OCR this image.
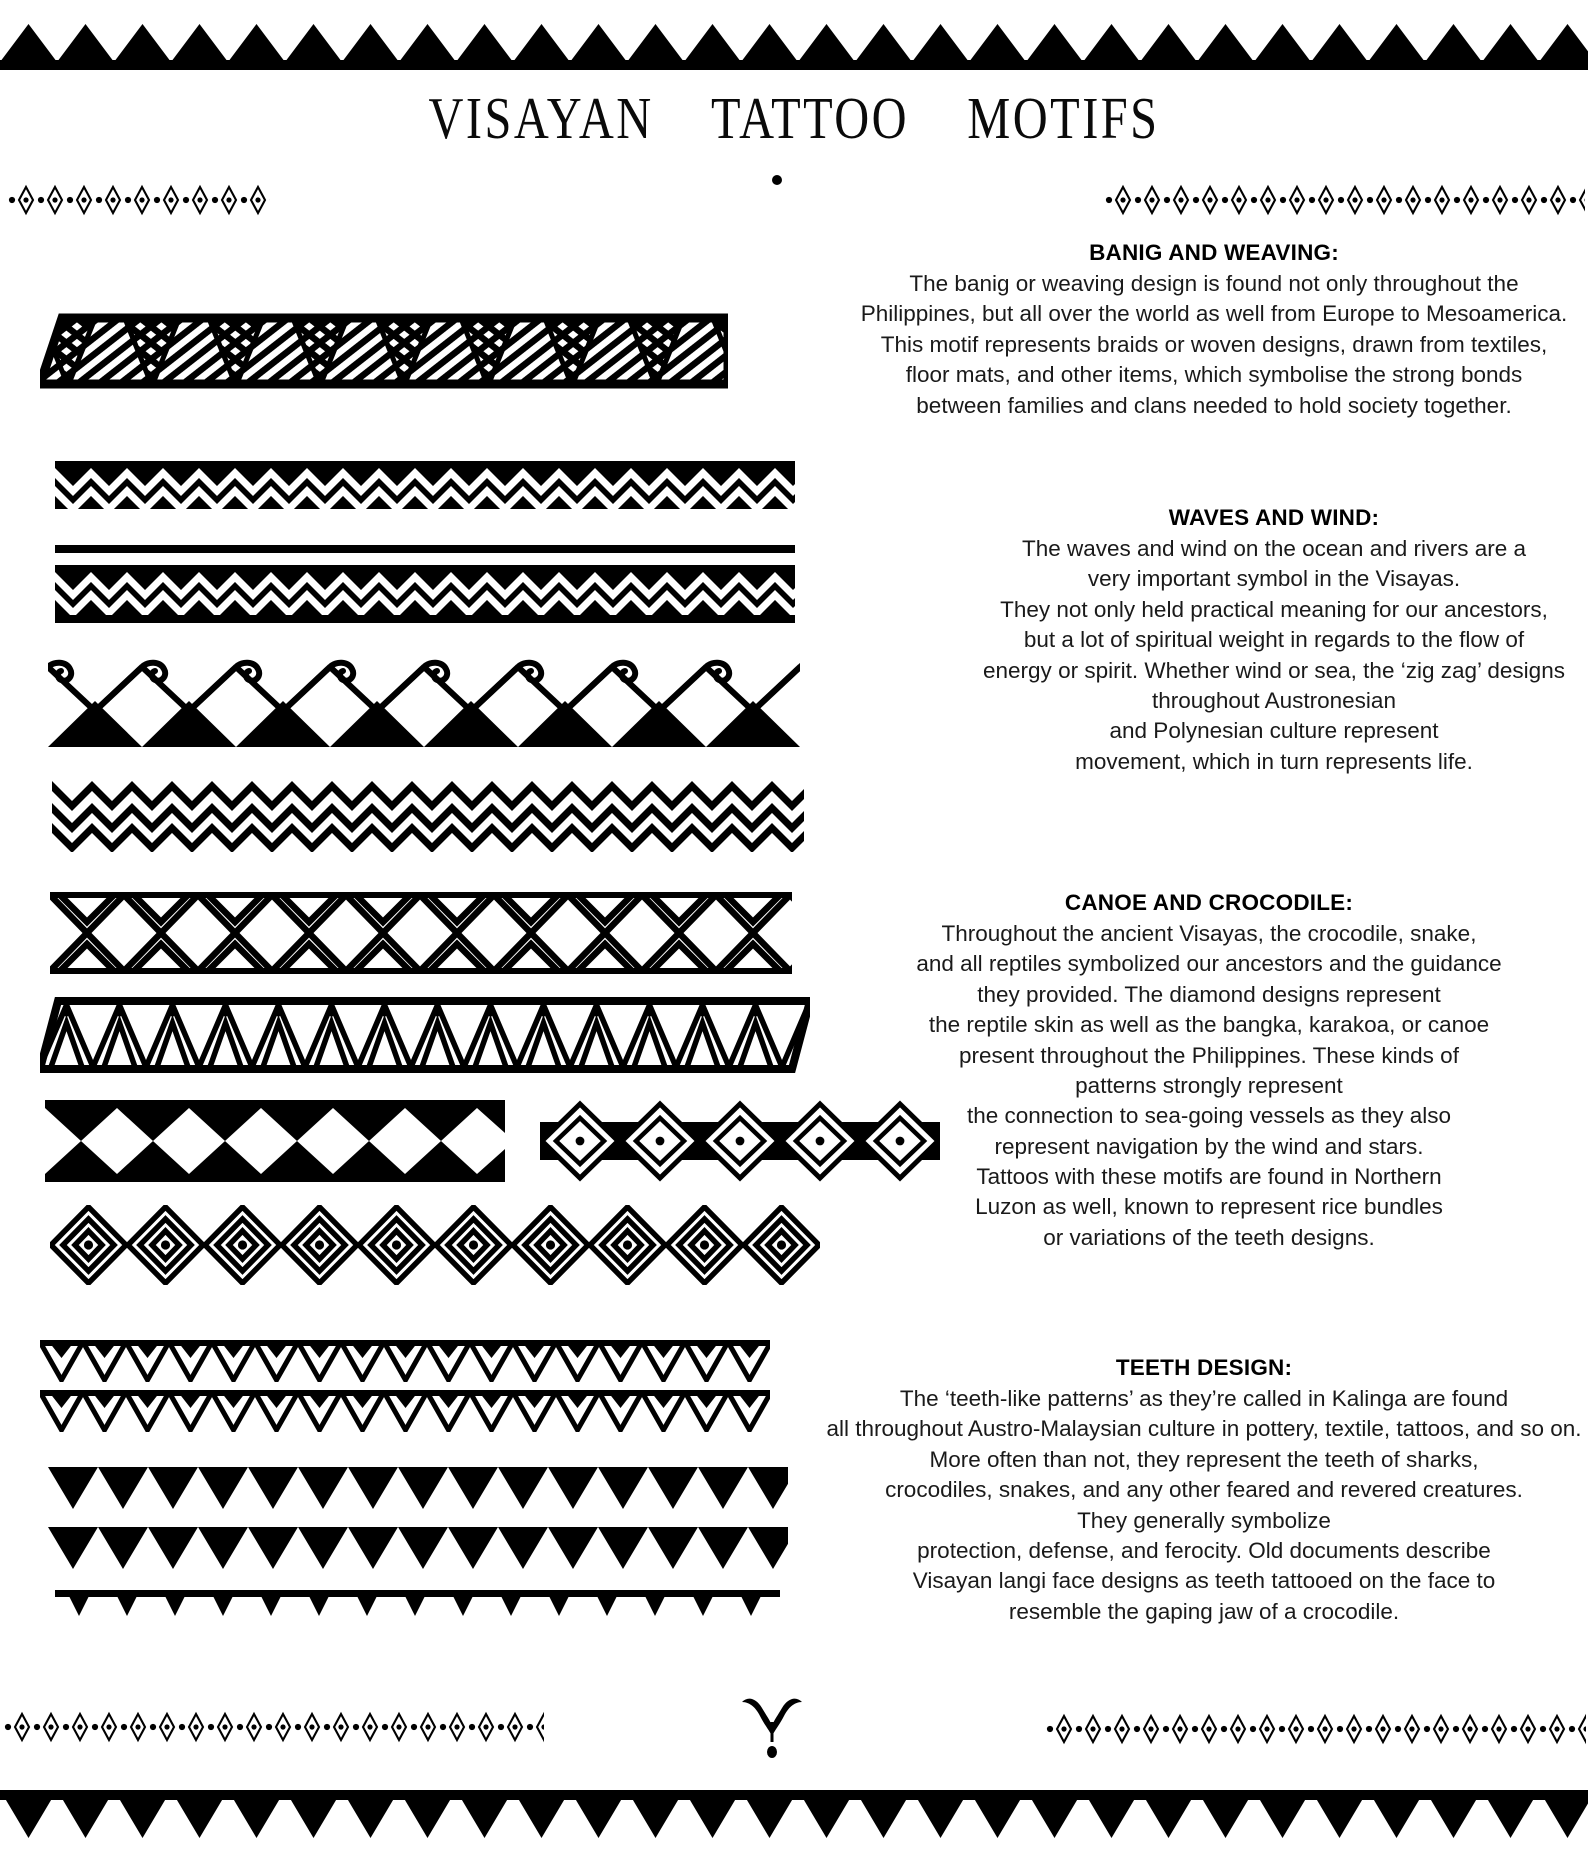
VISAYAN    TATTOO    MOTIFS
BANIG AND WEAVING:

The banig or weaving design is found not only throughout the

Philippines, but all over the world as well from Europe to Mesoamerica.

This motif represents braids or woven designs, drawn from textiles,

floor mats, and other items, which symbolise the strong bonds

between families and clans needed to hold society together.

WAVES AND WIND:

The waves and wind on the ocean and rivers are a

very important symbol in the Visayas.

They not only held practical meaning for our ancestors,

but a lot of spiritual weight in regards to the flow of

energy or spirit. Whether wind or sea, the ‘zig zag’ designs

throughout Austronesian

and Polynesian culture represent

movement, which in turn represents life.

CANOE AND CROCODILE:

Throughout the ancient Visayas, the crocodile, snake,

and all reptiles symbolized our ancestors and the guidance

they provided. The diamond designs represent

the reptile skin as well as the bangka, karakoa, or canoe

present throughout the Philippines. These kinds of

patterns strongly represent

the connection to sea-going vessels as they also

represent navigation by the wind and stars.

Tattoos with these motifs are found in Northern

Luzon as well, known to represent rice bundles

or variations of the teeth designs.

TEETH DESIGN:

The ‘teeth-like patterns’ as they’re called in Kalinga are found

all throughout Austro-Malaysian culture in pottery, textile, tattoos, and so on.

More often than not, they represent the teeth of sharks,

crocodiles, snakes, and any other feared and revered creatures.

They generally symbolize

protection, defense, and ferocity. Old documents describe

Visayan langi face designs as teeth tattooed on the face to

resemble the gaping jaw of a crocodile.
